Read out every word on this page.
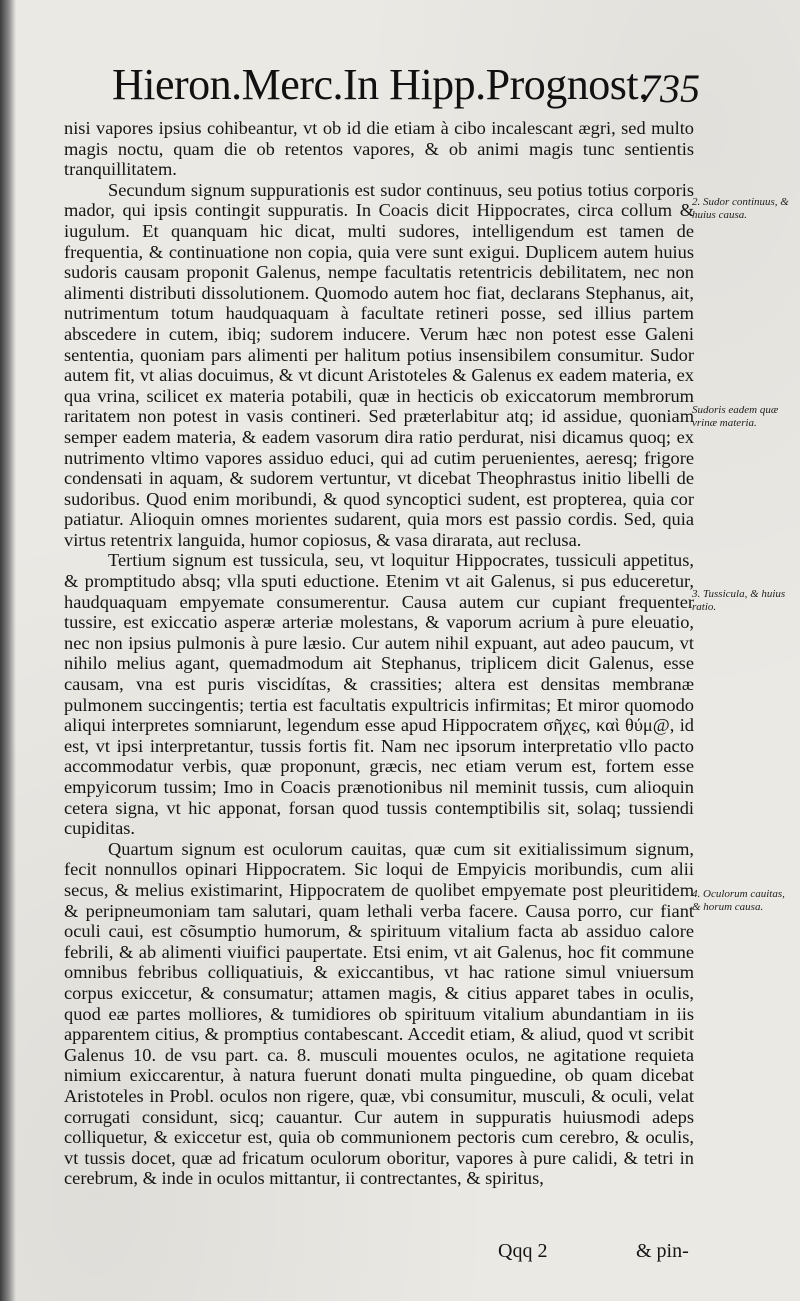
Hieron.Merc.In Hipp.Prognost.
735

nisi vapores ipsius cohibeantur, vt ob id die etiam à cibo incalescant ægri, sed multo magis noctu, quam die ob retentos vapores, & ob animi magis tunc sentientis tranquillitatem.

Secundum signum suppurationis est sudor continuus, seu potius totius corporis mador, qui ipsis contingit suppuratis. In Coacis dicit Hippocrates, circa collum & iugulum. Et quanquam hic dicat, multi sudores, intelligendum est tamen de frequentia, & continuatione non copia, quia vere sunt exigui. Duplicem autem huius sudoris causam proponit Galenus, nempe facultatis retentricis debilitatem, nec non alimenti distributi dissolutionem. Quomodo autem hoc fiat, declarans Stephanus, ait, nutrimentum totum haudquaquam à facultate retineri posse, sed illius partem abscedere in cutem, ibiq; sudorem inducere. Verum hæc non potest esse Galeni sententia, quoniam pars alimenti per halitum potius insensibilem consumitur. Sudor autem fit, vt alias docuimus, & vt dicunt Aristoteles & Galenus ex eadem materia, ex qua vrina, scilicet ex materia potabili, quæ in hecticis ob exiccatorum membrorum raritatem non potest in vasis contineri. Sed præterlabitur atq; id assidue, quoniam semper eadem materia, & eadem vasorum dira ratio perdurat, nisi dicamus quoq; ex nutrimento vltimo vapores assiduo educi, qui ad cutim peruenientes, aeresq; frigore condensati in aquam, & sudorem vertuntur, vt dicebat Theophrastus initio libelli de sudoribus. Quod enim moribundi, & quod syncoptici sudent, est propterea, quia cor patiatur. Alioquin omnes morientes sudarent, quia mors est passio cordis. Sed, quia virtus retentrix languida, humor copiosus, & vasa dirarata, aut reclusa.

Tertium signum est tussicula, seu, vt loquitur Hippocrates, tussiculi appetitus, & promptitudo absq; vlla sputi eductione. Etenim vt ait Galenus, si pus educeretur, haudquaquam empyemate consumerentur. Causa autem cur cupiant frequenter tussire, est exiccatio asperæ arteriæ molestans, & vaporum acrium à pure eleuatio, nec non ipsius pulmonis à pure læsio. Cur autem nihil expuant, aut adeo paucum, vt nihilo melius agant, quemadmodum ait Stephanus, triplicem dicit Galenus, esse causam, vna est puris viscidítas, & crassities; altera est densitas membranæ pulmonem succingentis; tertia est facultatis expultricis infirmitas; Et miror quomodo aliqui interpretes somniarunt, legendum esse apud Hippocratem σῆχες, καὶ θύμ@, id est, vt ipsi interpretantur, tussis fortis fit. Nam nec ipsorum interpretatio vllo pacto accommodatur verbis, quæ proponunt, græcis, nec etiam verum est, fortem esse empyicorum tussim; Imo in Coacis prænotionibus nil meminit tussis, cum alioquin cetera signa, vt hic apponat, forsan quod tussis contemptibilis sit, solaq; tussiendi cupiditas.

Quartum signum est oculorum cauitas, quæ cum sit exitialissimum signum, fecit nonnullos opinari Hippocratem. Sic loqui de Empyicis moribundis, cum alii secus, & melius existimarint, Hippocratem de quolibet empyemate post pleuritidem & peripneumoniam tam salutari, quam lethali verba facere. Causa porro, cur fiant oculi caui, est cõsumptio humorum, & spirituum vitalium facta ab assiduo calore febrili, & ab alimenti viuifici paupertate. Etsi enim, vt ait Galenus, hoc fit commune omnibus febribus colliquatiuis, & exiccantibus, vt hac ratione simul vniuersum corpus exiccetur, & consumatur; attamen magis, & citius apparet tabes in oculis, quod eæ partes molliores, & tumidiores ob spirituum vitalium abundantiam in iis apparentem citius, & promptius contabescant. Accedit etiam, & aliud, quod vt scribit Galenus 10. de vsu part. ca. 8. musculi mouentes oculos, ne agitatione requieta nimium exiccarentur, à natura fuerunt donati multa pinguedine, ob quam dicebat Aristoteles in Probl. oculos non rigere, quæ, vbi consumitur, musculi, & oculi, velat corrugati considunt, sicq; cauantur. Cur autem in suppuratis huiusmodi adeps colliquetur, & exiccetur est, quia ob communionem pectoris cum cerebro, & oculis, vt tussis docet, quæ ad fricatum oculorum oboritur, vapores à pure calidi, & tetri in cerebrum, & inde in oculos mittantur, ii contrectantes, & spiritus,

2. Sudor continuus, & huius causa.
Sudoris eadem quæ vrinæ materia.
3. Tussicula, & huius ratio.
4. Oculorum cauitas, & horum causa.
Qqq 2	& pin-
